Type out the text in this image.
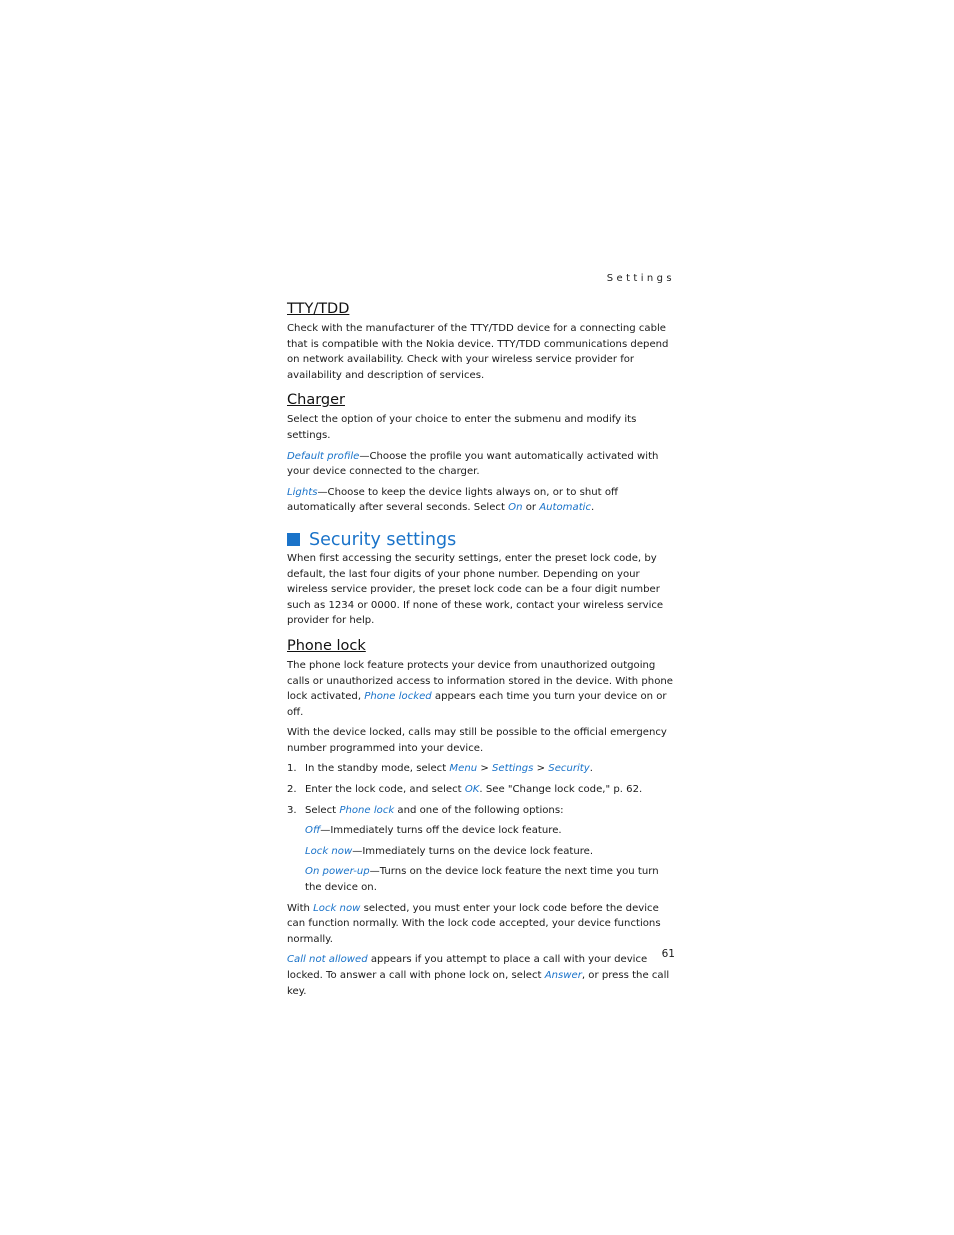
Settings
TTY/TDD

Check with the manufacturer of the TTY/TDD device for a connecting cable that is compatible with the Nokia device. TTY/TDD communications depend on network availability. Check with your wireless service provider for availability and description of services.

Charger

Select the option of your choice to enter the submenu and modify its settings.

Default profile—Choose the profile you want automatically activated with your device connected to the charger.

Lights—Choose to keep the device lights always on, or to shut off automatically after several seconds. Select On or Automatic.

Security settings

When first accessing the security settings, enter the preset lock code, by default, the last four digits of your phone number. Depending on your wireless service provider, the preset lock code can be a four digit number such as 1234 or 0000. If none of these work, contact your wireless service provider for help.

Phone lock

The phone lock feature protects your device from unauthorized outgoing calls or unauthorized access to information stored in the device. With phone lock activated, Phone locked appears each time you turn your device on or off.

With the device locked, calls may still be possible to the official emergency number programmed into your device.

1. In the standby mode, select Menu > Settings > Security.
2. Enter the lock code, and select OK. See "Change lock code," p. 62.
3. Select Phone lock and one of the following options:

Off—Immediately turns off the device lock feature.

Lock now—Immediately turns on the device lock feature.

On power-up—Turns on the device lock feature the next time you turn the device on.

With Lock now selected, you must enter your lock code before the device can function normally. With the lock code accepted, your device functions normally.

Call not allowed appears if you attempt to place a call with your device locked. To answer a call with phone lock on, select Answer, or press the call key.

61
